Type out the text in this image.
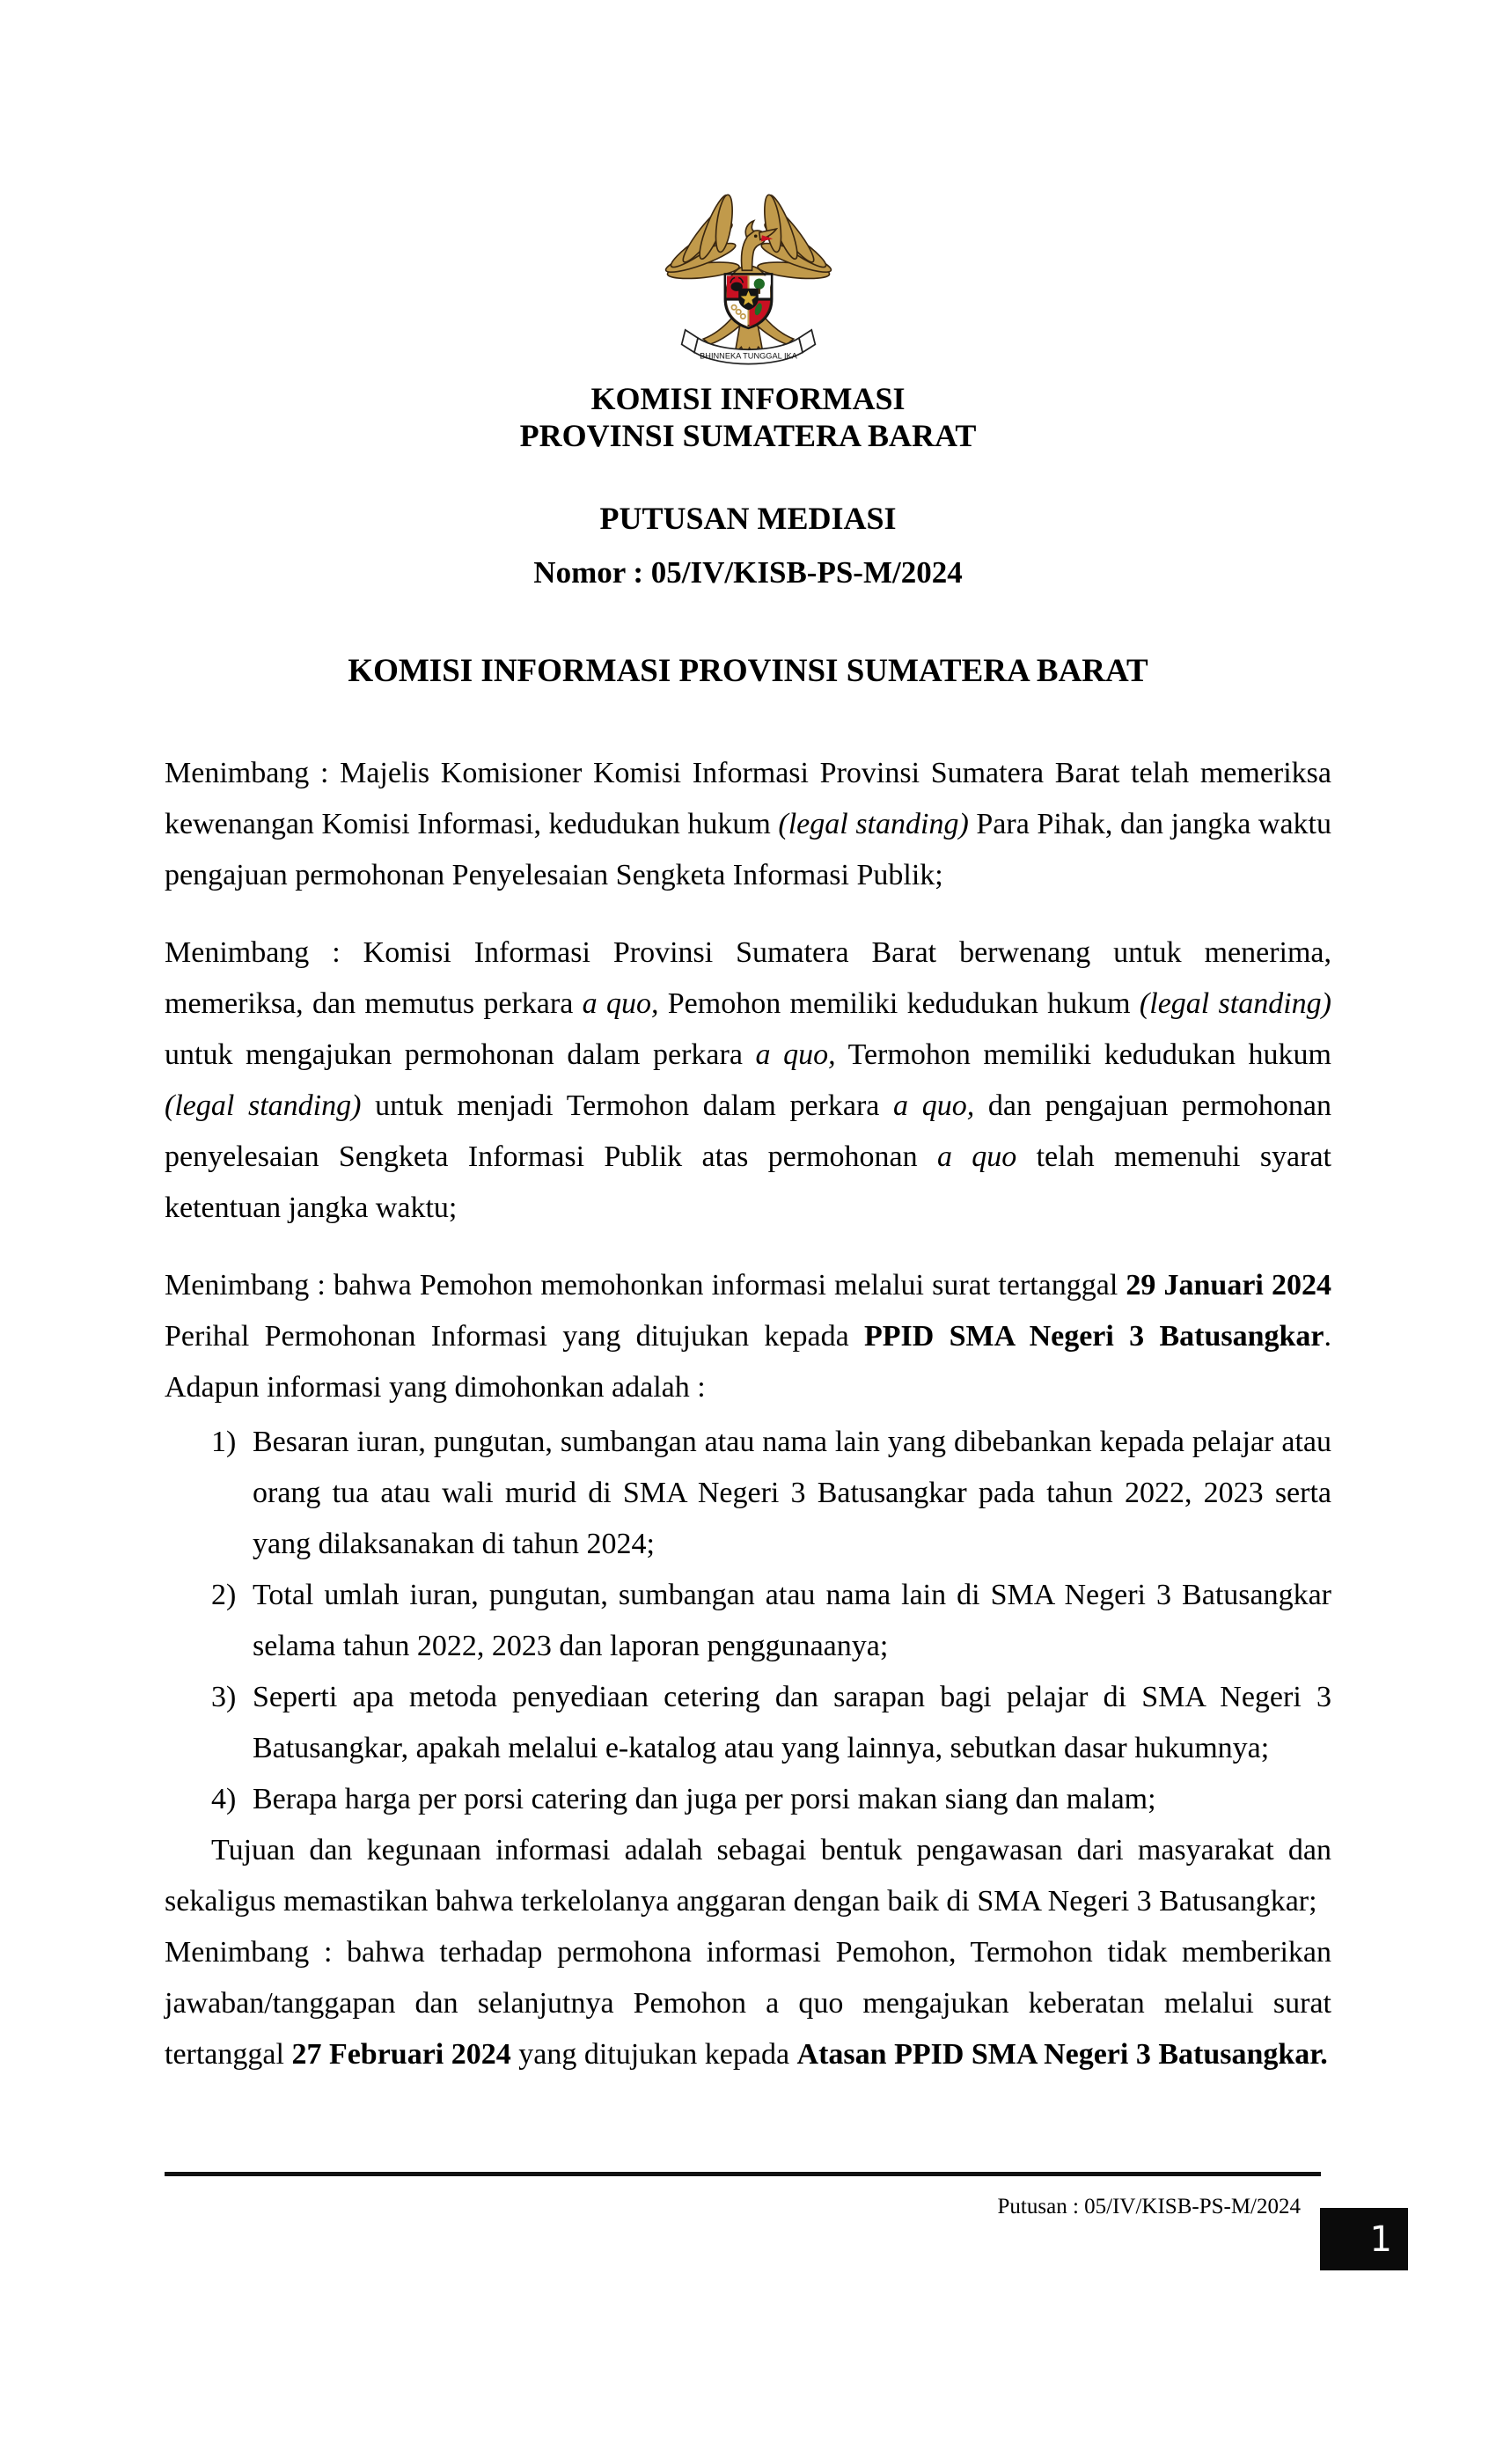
BHINNEKA TUNGGAL IKA
KOMISI INFORMASI
PROVINSI SUMATERA BARAT
PUTUSAN MEDIASI
Nomor : 05/IV/KISB-PS-M/2024
KOMISI INFORMASI PROVINSI SUMATERA BARAT

Menimbang : Majelis Komisioner Komisi Informasi Provinsi Sumatera Barat telah memeriksa kewenangan Komisi Informasi, kedudukan hukum (legal standing) Para Pihak, dan jangka waktu pengajuan permohonan Penyelesaian Sengketa Informasi Publik;

Menimbang : Komisi Informasi Provinsi Sumatera Barat berwenang untuk menerima, memeriksa, dan memutus perkara a quo, Pemohon memiliki kedudukan hukum (legal standing) untuk mengajukan permohonan dalam perkara a quo, Termohon memiliki kedudukan hukum (legal standing) untuk menjadi Termohon dalam perkara a quo, dan pengajuan permohonan penyelesaian Sengketa Informasi Publik atas permohonan a quo telah memenuhi syarat ketentuan jangka waktu;

Menimbang : bahwa Pemohon memohonkan informasi melalui surat tertanggal 29 Januari 2024 Perihal Permohonan Informasi yang ditujukan kepada PPID SMA Negeri 3 Batusangkar. Adapun informasi yang dimohonkan adalah :

1) Besaran iuran, pungutan, sumbangan atau nama lain yang dibebankan kepada pelajar atau orang tua atau wali murid di SMA Negeri 3 Batusangkar pada tahun 2022, 2023 serta yang dilaksanakan di tahun 2024;
2) Total umlah iuran, pungutan, sumbangan atau nama lain di SMA Negeri 3 Batusangkar selama tahun 2022, 2023 dan laporan penggunaanya;
3) Seperti apa metoda penyediaan cetering dan sarapan bagi pelajar di SMA Negeri 3 Batusangkar, apakah melalui e-katalog atau yang lainnya, sebutkan dasar hukumnya;
4) Berapa harga per porsi catering dan juga per porsi makan siang dan malam;

Tujuan dan kegunaan informasi adalah sebagai bentuk pengawasan dari masyarakat dan sekaligus memastikan bahwa terkelolanya anggaran dengan baik di SMA Negeri 3 Batusangkar;

Menimbang : bahwa terhadap permohona informasi Pemohon, Termohon tidak memberikan jawaban/tanggapan dan selanjutnya Pemohon a quo mengajukan keberatan melalui surat tertanggal 27 Februari 2024 yang ditujukan kepada Atasan PPID SMA Negeri 3 Batusangkar.

Putusan : 05/IV/KISB-PS-M/2024
1
